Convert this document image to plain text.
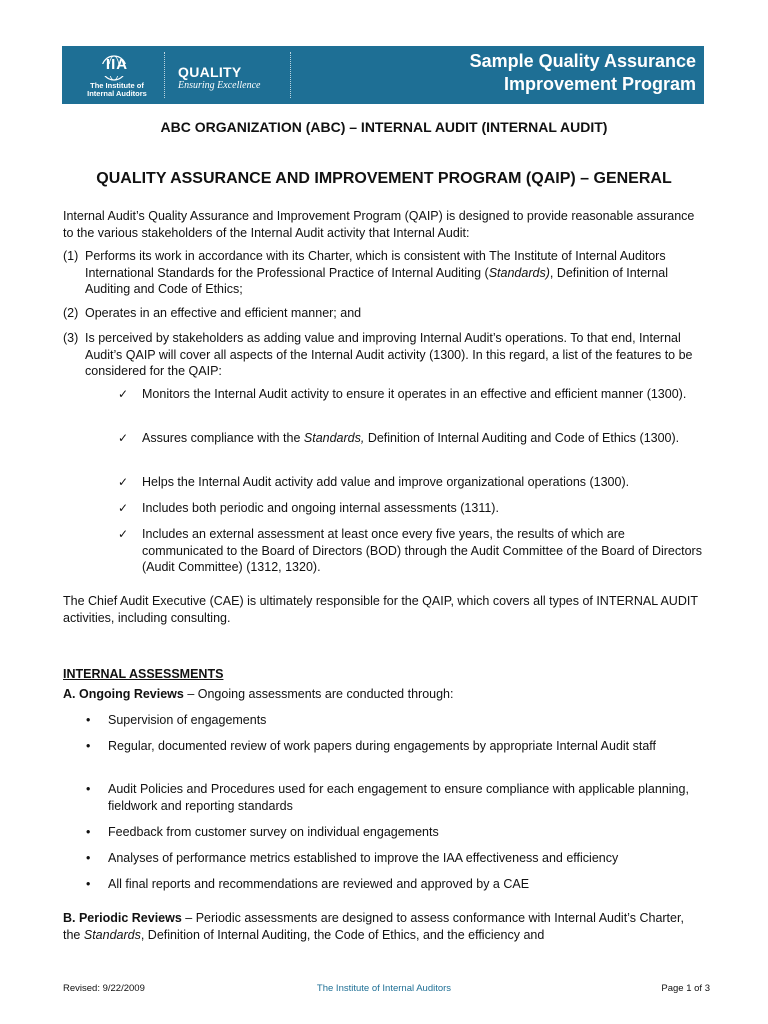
IIA
The Institute of
Internal Auditors
QUALITY
Ensuring Excellence
Sample Quality Assurance
Improvement Program
ABC ORGANIZATION (ABC) – INTERNAL AUDIT (INTERNAL AUDIT)
QUALITY ASSURANCE AND IMPROVEMENT PROGRAM (QAIP) – GENERAL
Internal Audit’s Quality Assurance and Improvement Program (QAIP) is designed to provide reasonable assurance to the various stakeholders of the Internal Audit activity that Internal Audit:
(1) Performs its work in accordance with its Charter, which is consistent with The Institute of Internal Auditors International Standards for the Professional Practice of Internal Auditing (Standards), Definition of Internal Auditing and Code of Ethics;
(2) Operates in an effective and efficient manner; and
(3) Is perceived by stakeholders as adding value and improving Internal Audit’s operations. To that end, Internal Audit’s QAIP will cover all aspects of the Internal Audit activity (1300). In this regard, a list of the features to be considered for the QAIP:
✓	Monitors the Internal Audit activity to ensure it operates in an effective and efficient manner (1300).
✓	Assures compliance with the Standards, Definition of Internal Auditing and Code of Ethics (1300).
✓	Helps the Internal Audit activity add value and improve organizational operations (1300).
✓	Includes both periodic and ongoing internal assessments (1311).
✓	Includes an external assessment at least once every five years, the results of which are communicated to the Board of Directors (BOD) through the Audit Committee of the Board of Directors (Audit Committee) (1312, 1320).
The Chief Audit Executive (CAE) is ultimately responsible for the QAIP, which covers all types of INTERNAL AUDIT activities, including consulting.
INTERNAL ASSESSMENTS
A. Ongoing Reviews – Ongoing assessments are conducted through:
•	Supervision of engagements
•	Regular, documented review of work papers during engagements by appropriate Internal Audit staff
•	Audit Policies and Procedures used for each engagement to ensure compliance with applicable planning, fieldwork and reporting standards
•	Feedback from customer survey on individual engagements
•	Analyses of performance metrics established to improve the IAA effectiveness and efficiency
•	All final reports and recommendations are reviewed and approved by a CAE
B. Periodic Reviews – Periodic assessments are designed to assess conformance with Internal Audit’s Charter, the Standards, Definition of Internal Auditing, the Code of Ethics, and the efficiency and
Revised: 9/22/2009	The Institute of Internal Auditors	Page 1 of 3
